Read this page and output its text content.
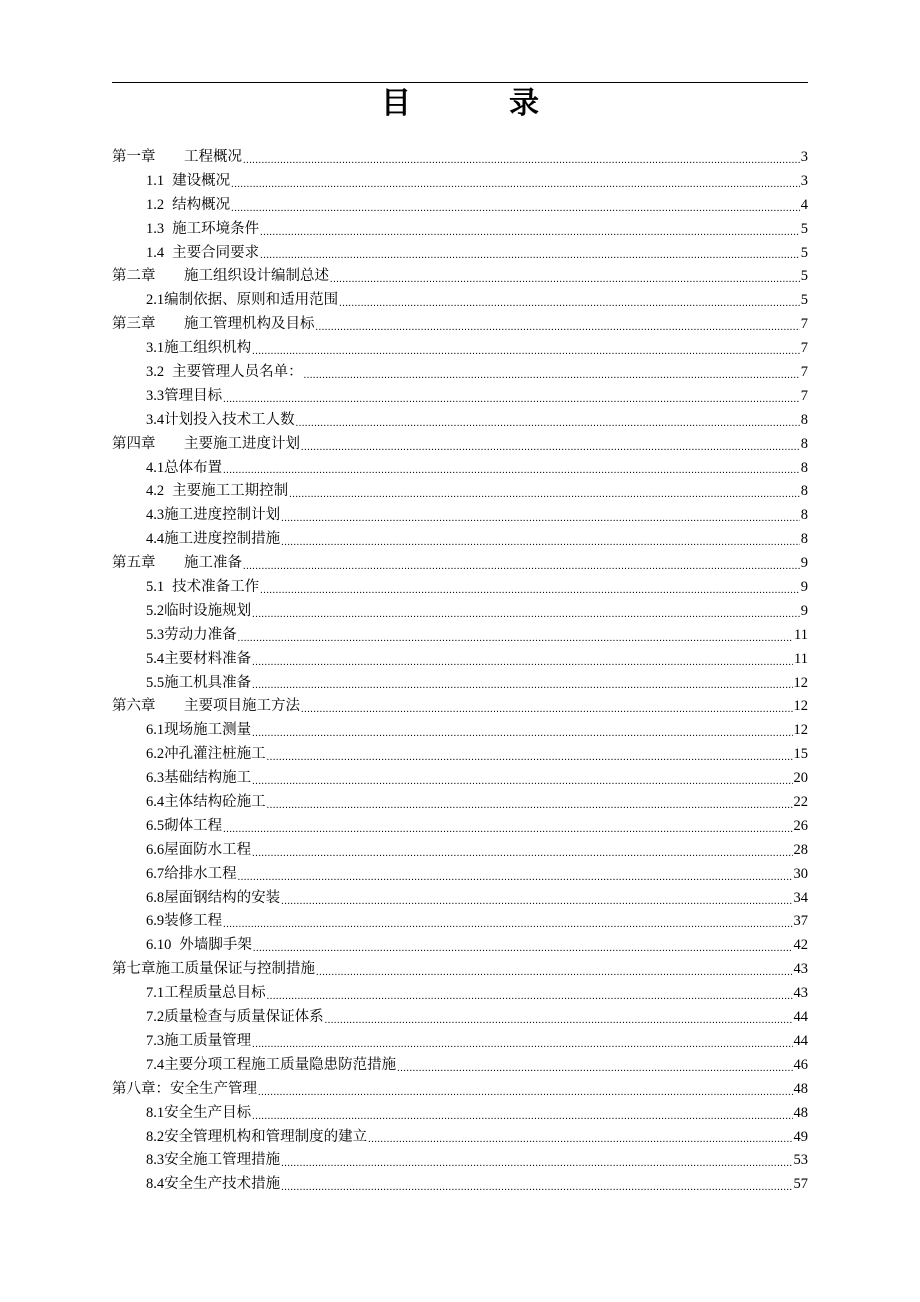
目　录
第一章 工程概况 .....	3
1.1 建设概况 .....	3
1.2 结构概况 .....	4
1.3 施工环境条件 .....	5
1.4 主要合同要求 .....	5
第二章 施工组织设计编制总述 .....	5
2.1编制依据、原则和适用范围 .....	5
第三章 施工管理机构及目标 .....	7
3.1施工组织机构 .....	7
3.2 主要管理人员名单： .....	7
3.3管理目标 .....	7
3.4计划投入技术工人数 .....	8
第四章 主要施工进度计划 .....	8
4.1总体布置 .....	8
4.2 主要施工工期控制 .....	8
4.3施工进度控制计划 .....	8
4.4施工进度控制措施 .....	8
第五章 施工准备 .....	9
5.1 技术准备工作 .....	9
5.2临时设施规划 .....	9
5.3劳动力准备 .....	11
5.4主要材料准备 .....	11
5.5施工机具准备 .....	12
第六章 主要项目施工方法 .....	12
6.1现场施工测量 .....	12
6.2冲孔灌注桩施工 .....	15
6.3基础结构施工 .....	20
6.4主体结构砼施工 .....	22
6.5砌体工程 .....	26
6.6屋面防水工程 .....	28
6.7给排水工程 .....	30
6.8屋面钢结构的安装 .....	34
6.9装修工程 .....	37
6.10 外墙脚手架 .....	42
第七章施工质量保证与控制措施 .....	43
7.1工程质量总目标 .....	43
7.2质量检查与质量保证体系 .....	44
7.3施工质量管理 .....	44
7.4主要分项工程施工质量隐患防范措施 .....	46
第八章：安全生产管理 .....	48
8.1安全生产目标 .....	48
8.2安全管理机构和管理制度的建立 .....	49
8.3安全施工管理措施 .....	53
8.4安全生产技术措施 .....	57
